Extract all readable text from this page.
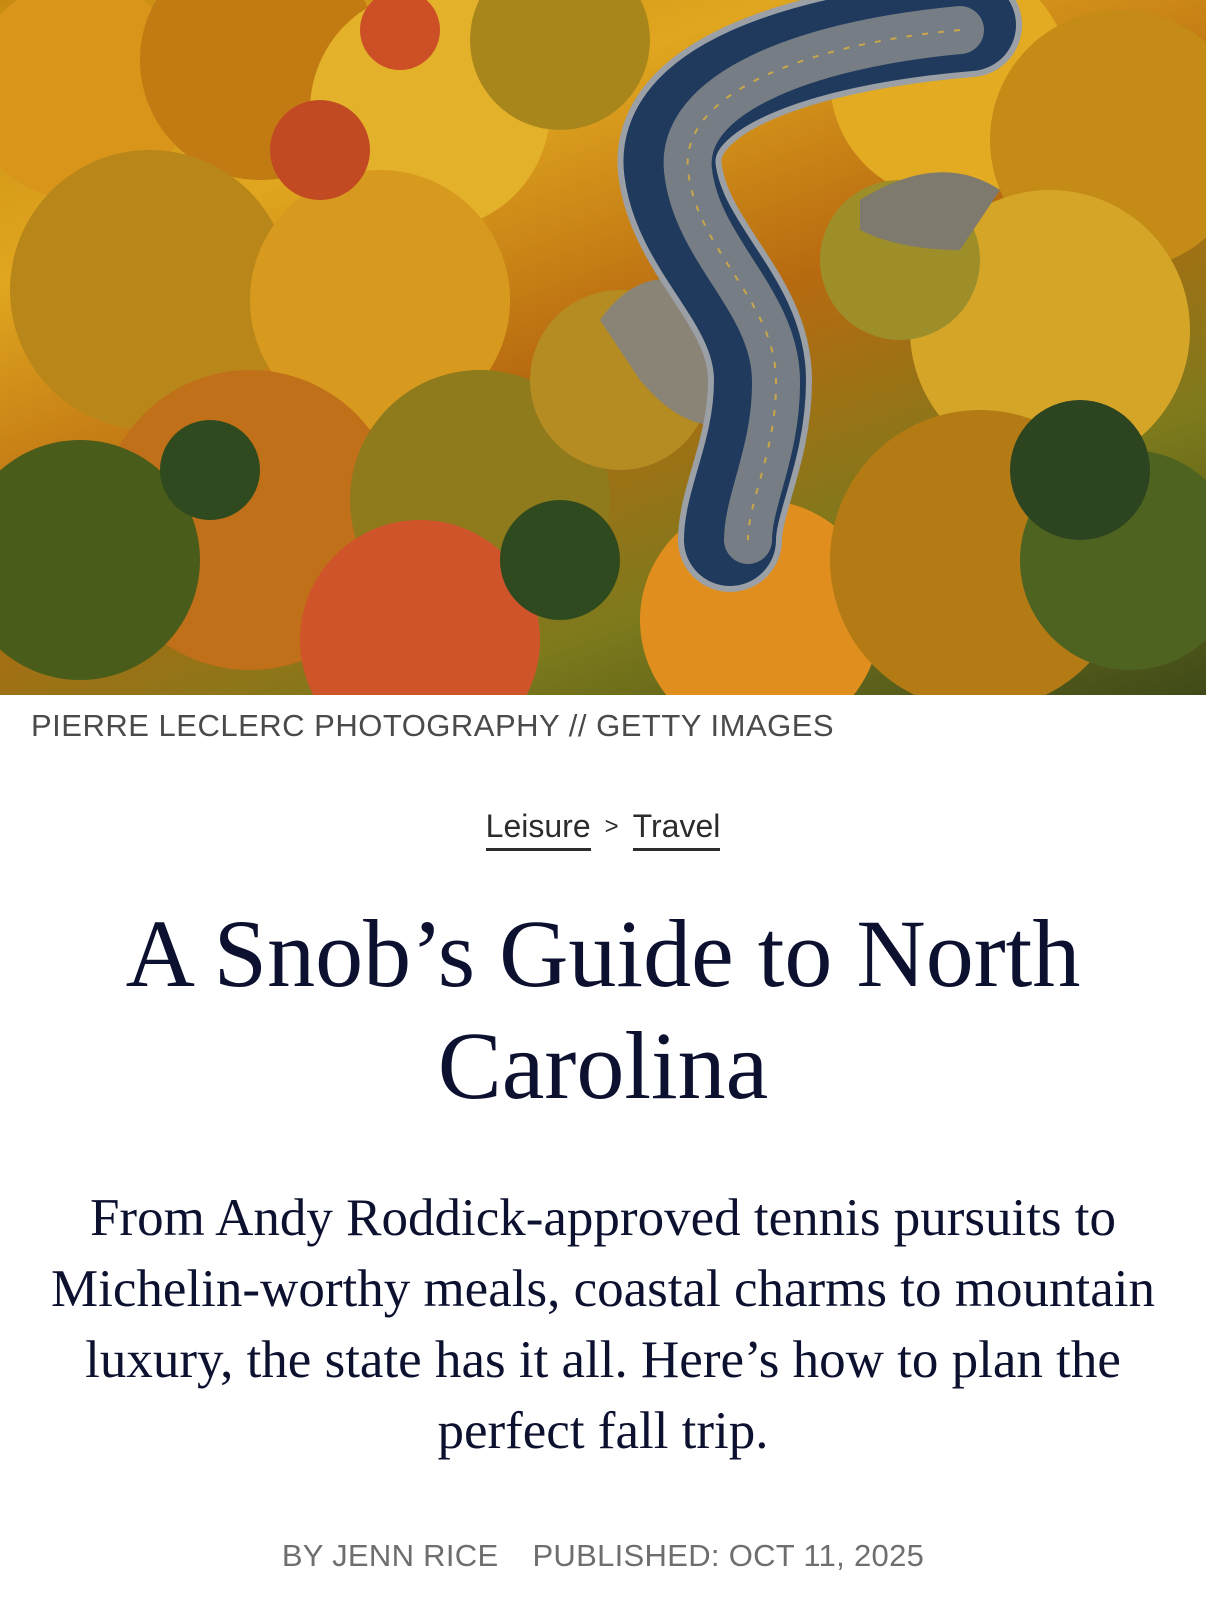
PIERRE LECLERC PHOTOGRAPHY // GETTY IMAGES
Leisure > Travel
A Snob’s Guide to North Carolina

From Andy Roddick-approved tennis pursuits to Michelin-worthy meals, coastal charms to mountain luxury, the state has it all. Here’s how to plan the perfect fall trip.

BY JENN RICE PUBLISHED: OCT 11, 2025
